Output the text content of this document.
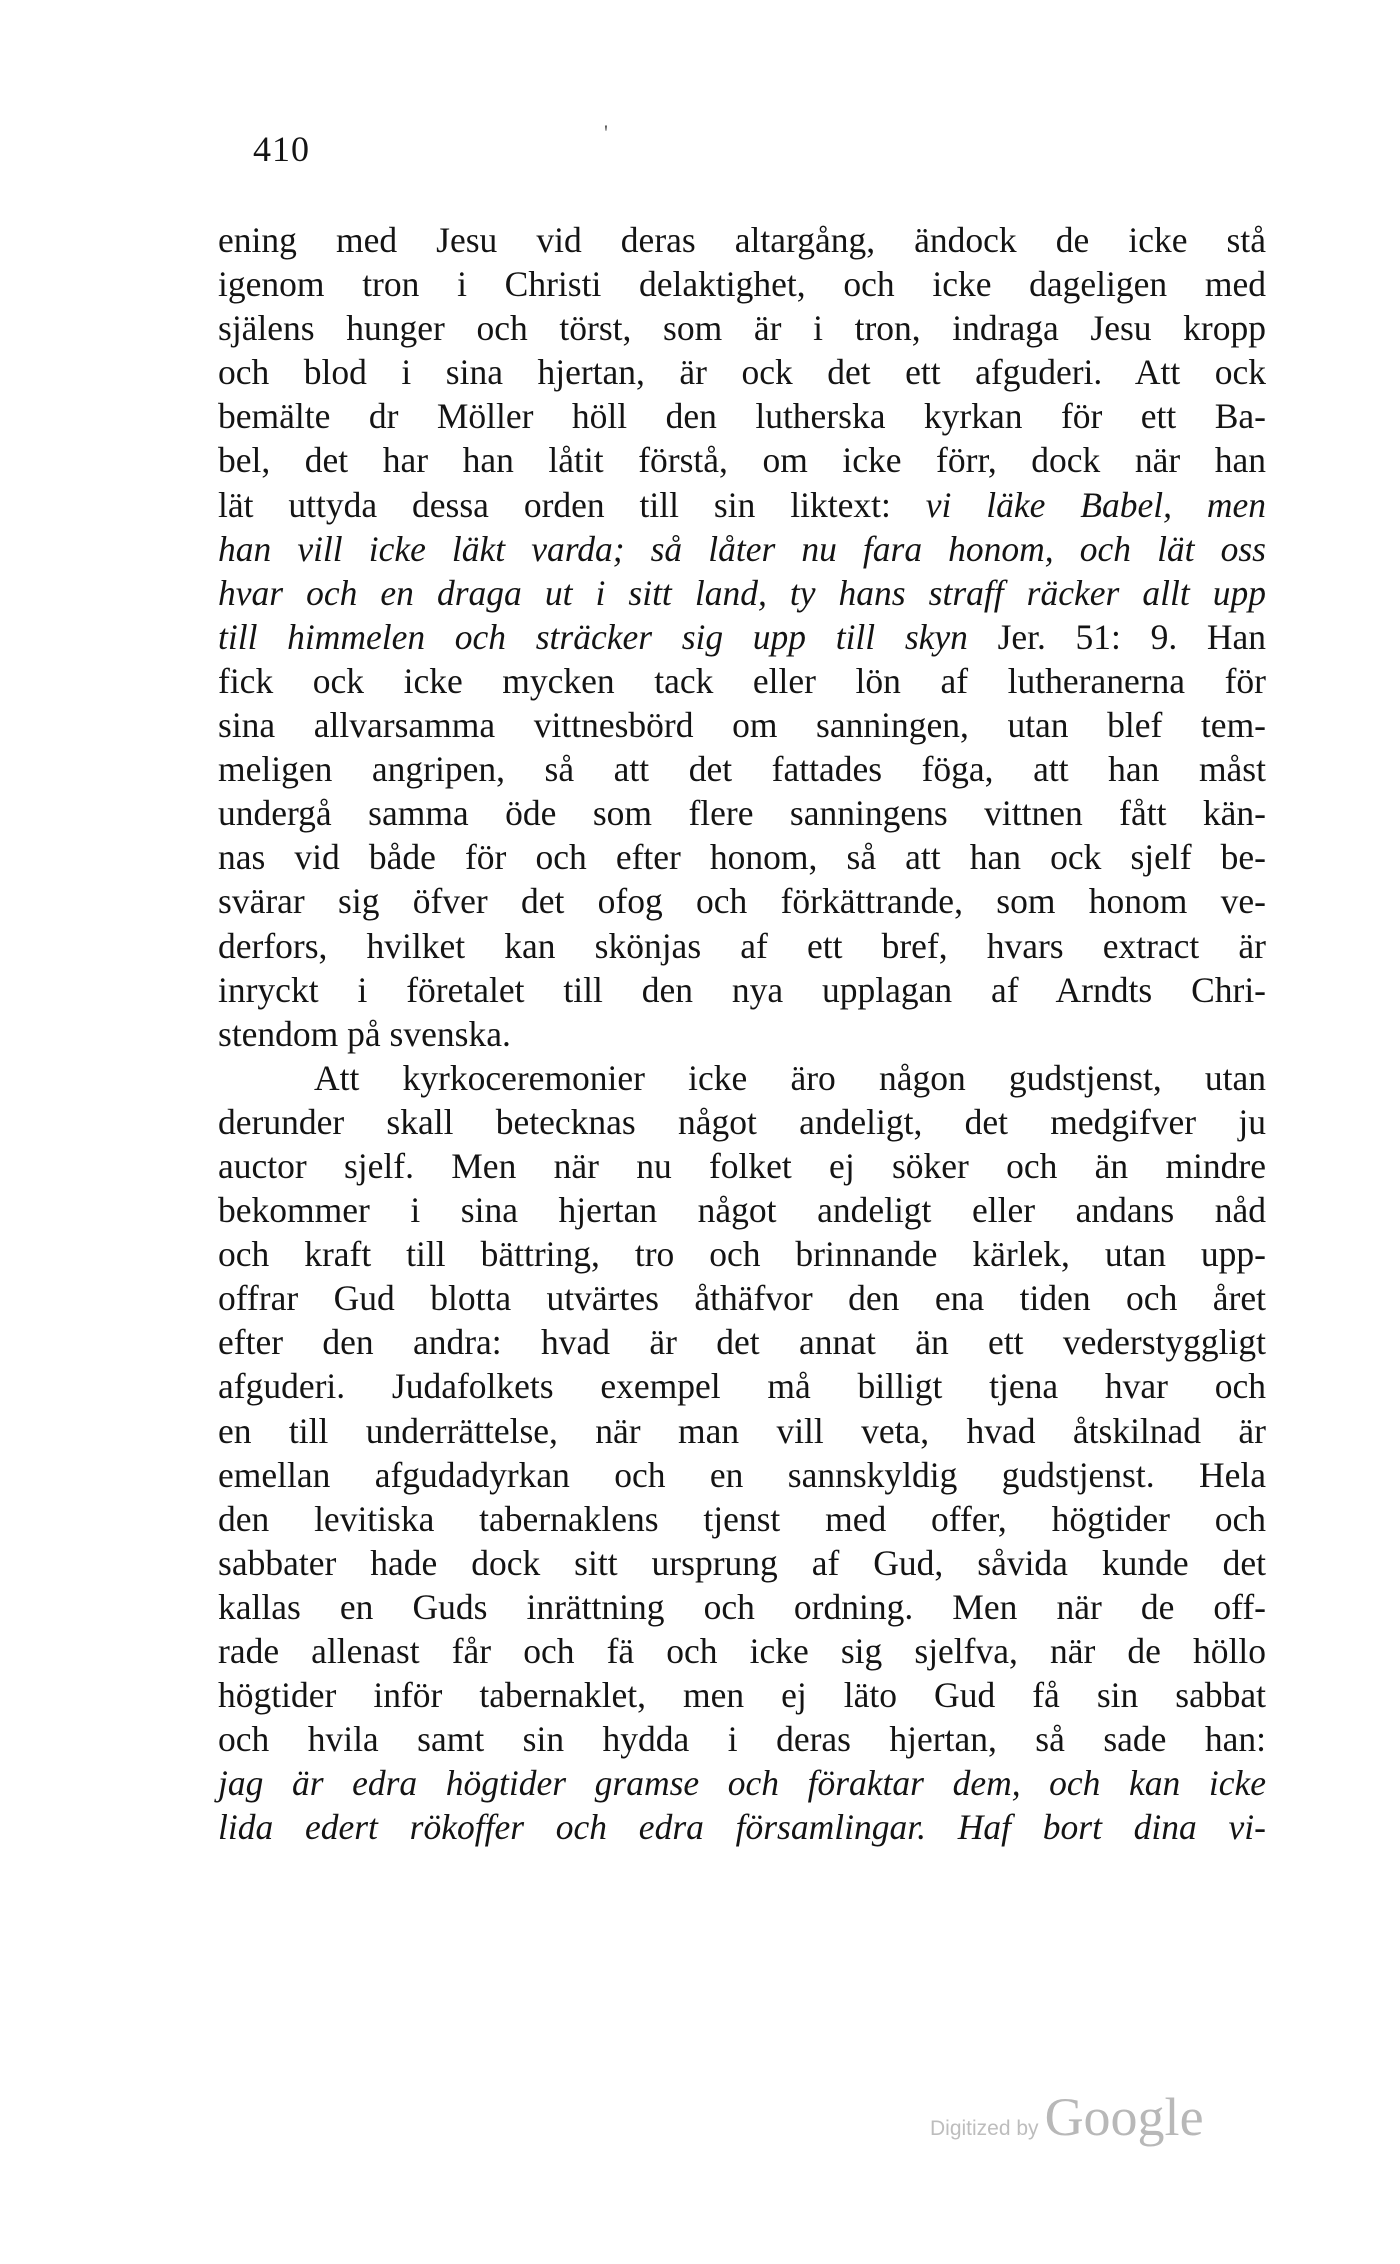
410	'
ening med Jesu vid deras altargång, ändock de icke stå
igenom tron i Christi delaktighet, och icke dageligen med
själens hunger och törst, som är i tron, indraga Jesu kropp
och blod i sina hjertan, är ock det ett afguderi. Att ock
bemälte dr Möller höll den lutherska kyrkan för ett Ba-
bel, det har han låtit förstå, om icke förr, dock när han
lät uttyda dessa orden till sin liktext: vi läke Babel, men
han vill icke läkt varda; så låter nu fara honom, och lät oss
hvar och en draga ut i sitt land, ty hans straff räcker allt upp
till himmelen och sträcker sig upp till skyn Jer. 51: 9. Han
fick ock icke mycken tack eller lön af lutheranerna för
sina allvarsamma vittnesbörd om sanningen, utan blef tem-
meligen angripen, så att det fattades föga, att han måst
undergå samma öde som flere sanningens vittnen fått kän-
nas vid både för och efter honom, så att han ock sjelf be-
svärar sig öfver det ofog och förkättrande, som honom ve-
derfors, hvilket kan skönjas af ett bref, hvars extract är
inryckt i företalet till den nya upplagan af Arndts Chri-
stendom på svenska.
Att kyrkoceremonier icke äro någon gudstjenst, utan
derunder skall betecknas något andeligt, det medgifver ju
auctor sjelf. Men när nu folket ej söker och än mindre
bekommer i sina hjertan något andeligt eller andans nåd
och kraft till bättring, tro och brinnande kärlek, utan upp-
offrar Gud blotta utvärtes åthäfvor den ena tiden och året
efter den andra: hvad är det annat än ett vederstyggligt
afguderi. Judafolkets exempel må billigt tjena hvar och
en till underrättelse, när man vill veta, hvad åtskilnad är
emellan afgudadyrkan och en sannskyldig gudstjenst. Hela
den levitiska tabernaklens tjenst med offer, högtider och
sabbater hade dock sitt ursprung af Gud, såvida kunde det
kallas en Guds inrättning och ordning. Men när de off-
rade allenast får och fä och icke sig sjelfva, när de höllo
högtider inför tabernaklet, men ej läto Gud få sin sabbat
och hvila samt sin hydda i deras hjertan, så sade han:
jag är edra högtider gramse och föraktar dem, och kan icke
lida edert rökoffer och edra församlingar. Haf bort dina vi-
Digitized by Google
